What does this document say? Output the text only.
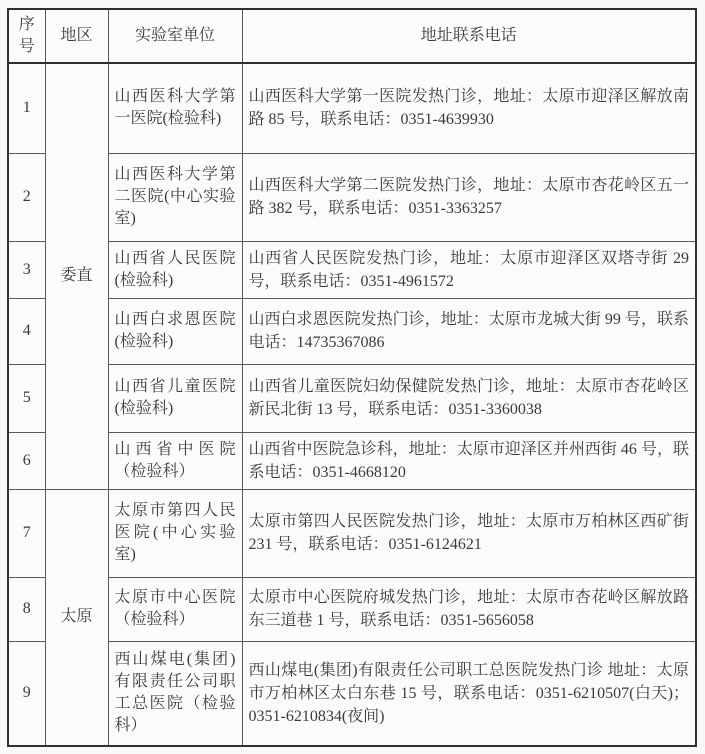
序号	地区	实验室单位	地址联系电话
1	委直	山西医科大学第一医院(检验科)	山西医科大学第一医院发热门诊，地址：太原市迎泽区解放南路 85 号，联系电话：0351-4639930
2		山西医科大学第二医院(中心实验室)	山西医科大学第二医院发热门诊，地址：太原市杏花岭区五一路 382 号，联系电话：0351-3363257
3		山西省人民医院(检验科)	山西省人民医院发热门诊，地址：太原市迎泽区双塔寺街 29 号，联系电话：0351-4961572
4		山西白求恩医院(检验科)	山西白求恩医院发热门诊，地址：太原市龙城大街 99 号，联系电话：14735367086
5		山西省儿童医院(检验科)	山西省儿童医院妇幼保健院发热门诊，地址：太原市杏花岭区新民北街 13 号，联系电话：0351-3360038
6		山西省中医院（检验科）	山西省中医院急诊科，地址：太原市迎泽区并州西街 46 号，联系电话：0351-4668120
7	太原	太原市第四人民医院(中心实验室)	太原市第四人民医院发热门诊，地址：太原市万柏林区西矿街 231 号，联系电话：0351-6124621
8		太原市中心医院（检验科）	太原市中心医院府城发热门诊，地址：太原市杏花岭区解放路东三道巷 1 号，联系电话：0351-5656058
9		西山煤电(集团)有限责任公司职工总医院（检验科）	西山煤电(集团)有限责任公司职工总医院发热门诊 地址：太原市万柏林区太白东巷 15 号，联系电话：0351-6210507(白天)；0351-6210834(夜间)
